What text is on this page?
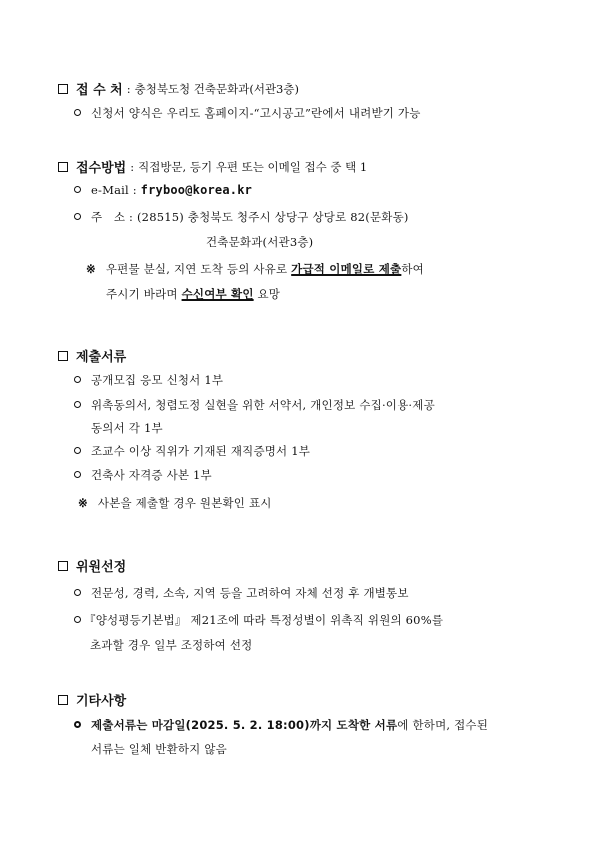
접 수 처 : 충청북도청 건축문화과(서관3층)
신청서 양식은 우리도 홈페이지-“고시공고”란에서 내려받기 가능
접수방법 : 직접방문, 등기 우편 또는 이메일 접수 중 택 1
e-Mail : fryboo@korea.kr
주   소 : (28515) 충청북도 청주시 상당구 상당로 82(문화동)
건축문화과(서관3층)
※ 우편물 분실, 지연 도착 등의 사유로 가급적 이메일로 제출하여
주시기 바라며 수신여부 확인 요망
제출서류
공개모집 응모 신청서 1부
위촉동의서, 청렴도정 실현을 위한 서약서, 개인정보 수집·이용·제공
동의서 각 1부
조교수 이상 직위가 기재된 재직증명서 1부
건축사 자격증 사본 1부
※ 사본을 제출할 경우 원본확인 표시
위원선정
전문성, 경력, 소속, 지역 등을 고려하여 자체 선정 후 개별통보
『양성평등기본법』 제21조에 따라 특정성별이 위촉직 위원의 60%를
초과할 경우 일부 조정하여 선정
기타사항
제출서류는 마감일(2025. 5. 2. 18:00)까지 도착한 서류에 한하며, 접수된
서류는 일체 반환하지 않음
